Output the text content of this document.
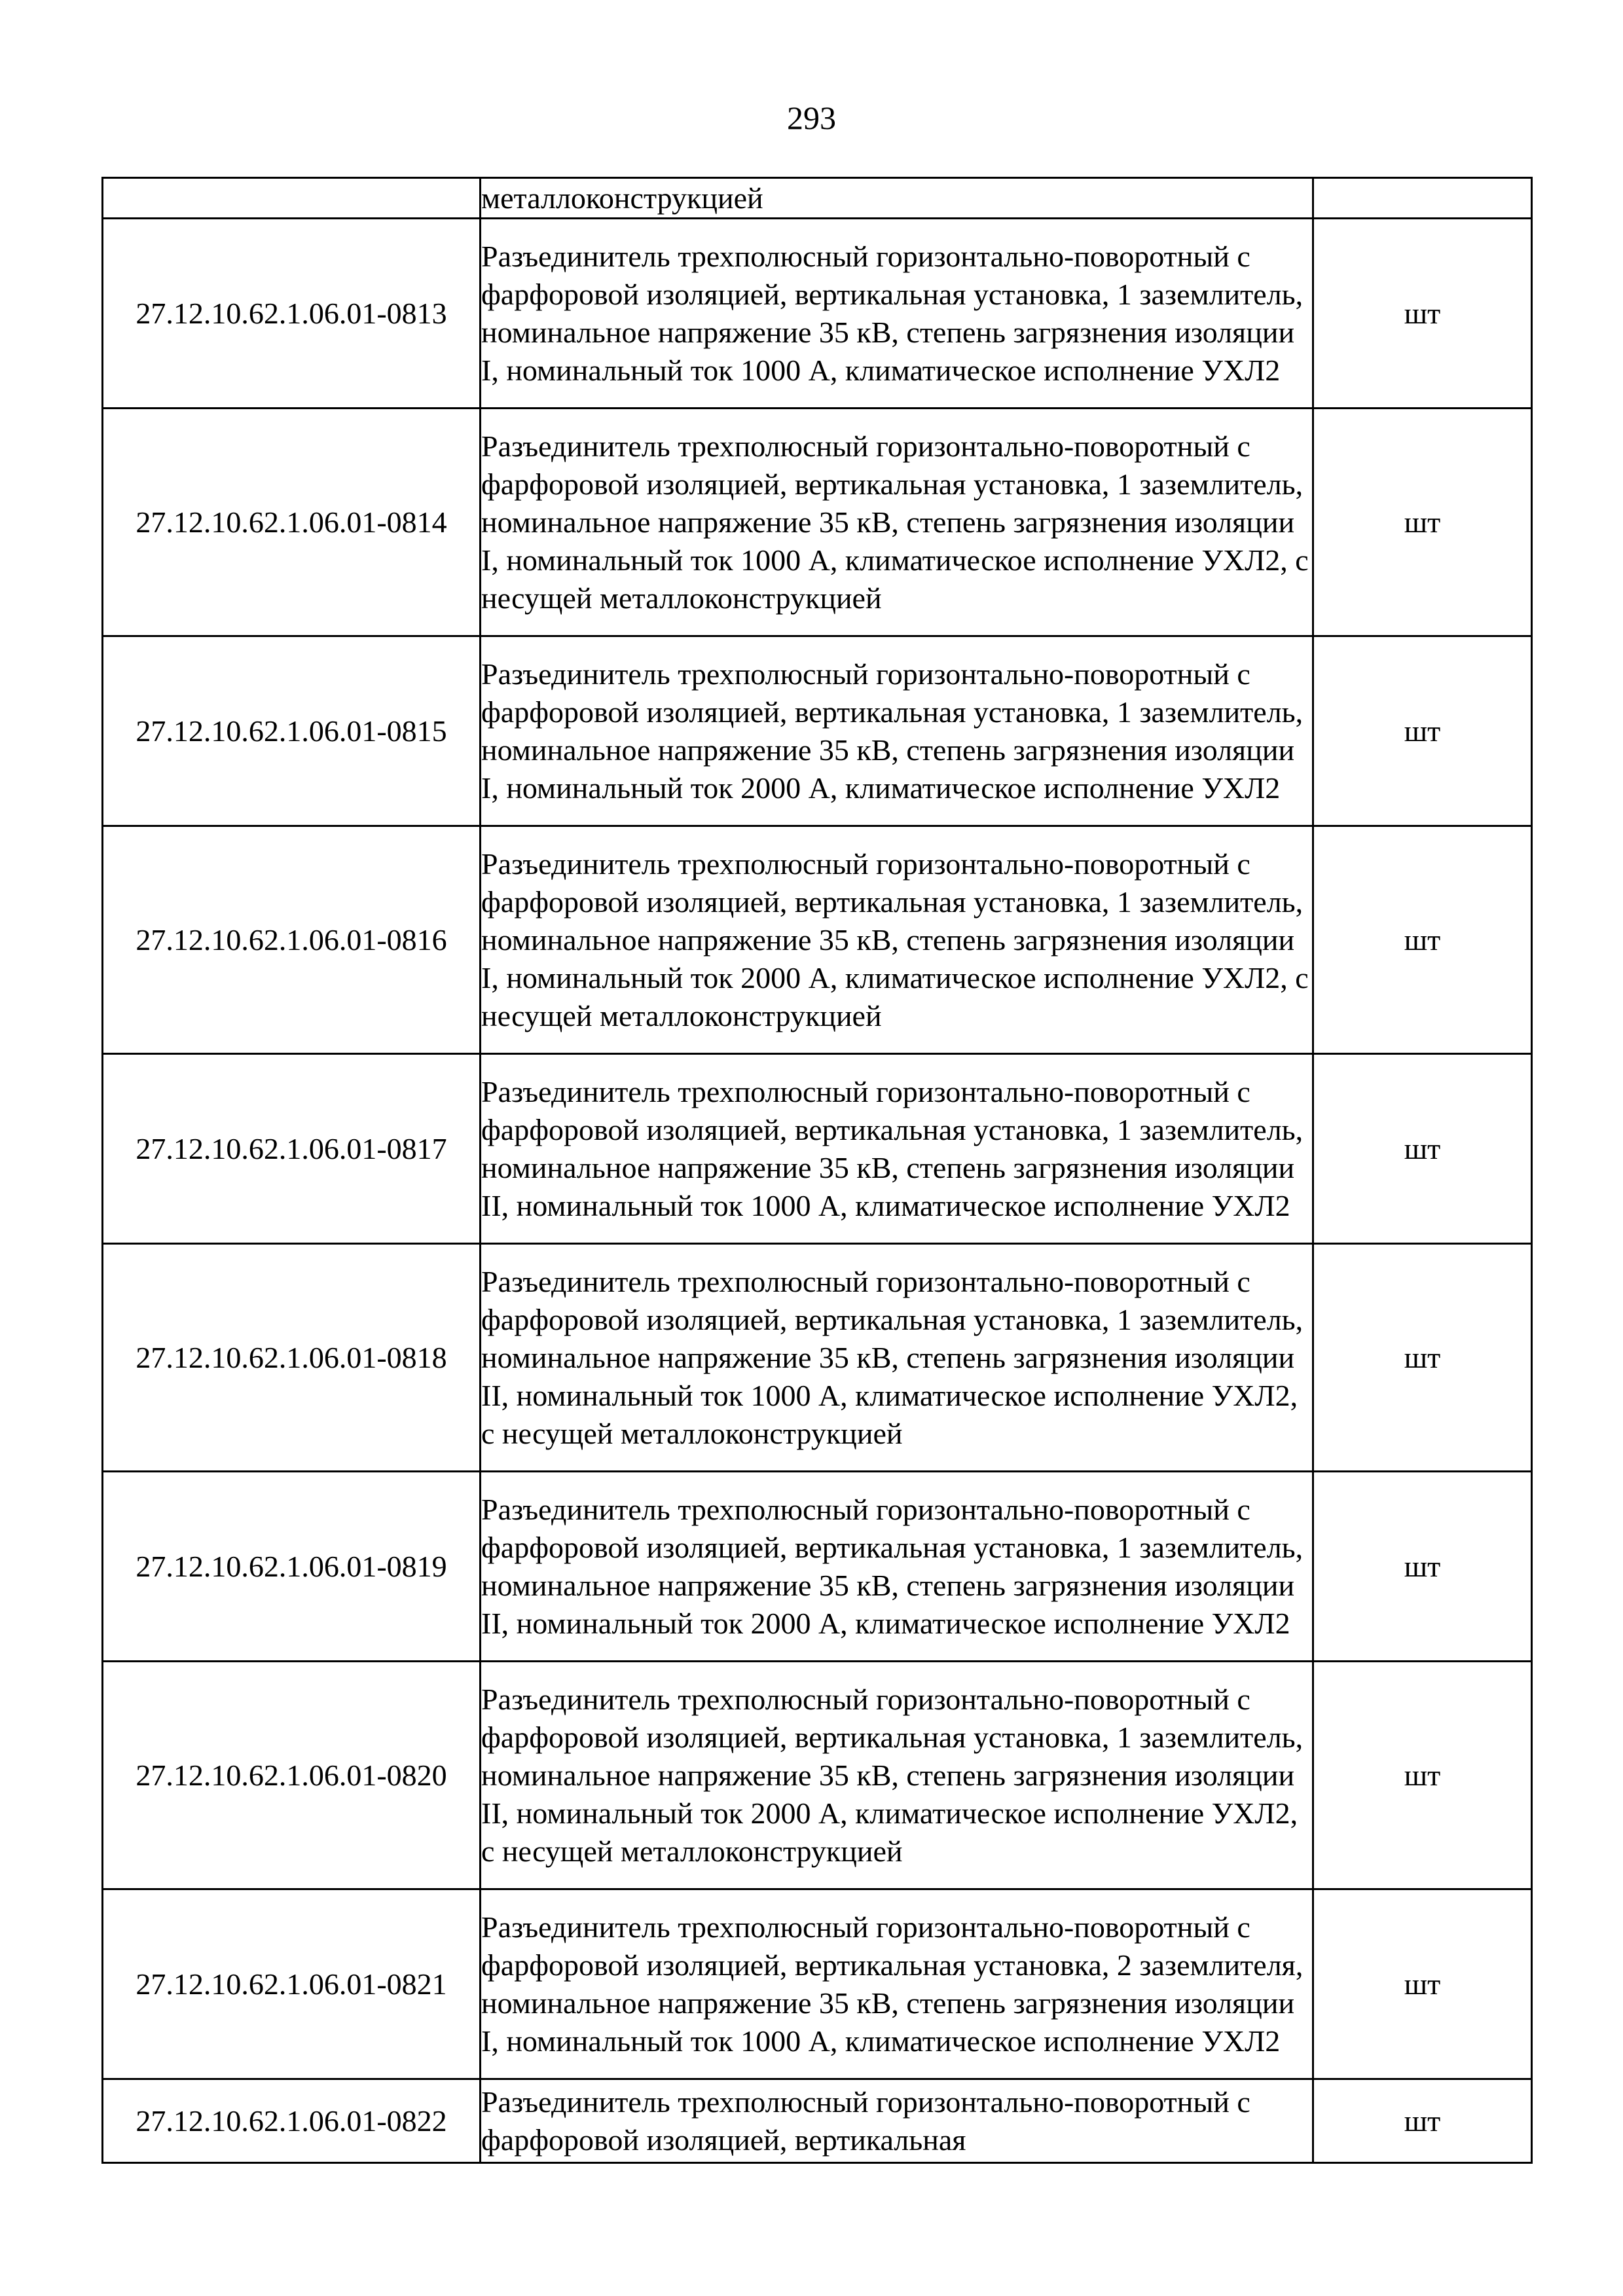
293
	металлоконструкцией	
27.12.10.62.1.06.01-0813	Разъединитель трехполюсный горизонтально-поворотный с фарфоровой изоляцией, вертикальная установка, 1 заземлитель, номинальное напряжение 35 кВ, степень загрязнения изоляции I, номинальный ток 1000 А, климатическое исполнение УХЛ2	шт
27.12.10.62.1.06.01-0814	Разъединитель трехполюсный горизонтально-поворотный с фарфоровой изоляцией, вертикальная установка, 1 заземлитель, номинальное напряжение 35 кВ, степень загрязнения изоляции I, номинальный ток 1000 А, климатическое исполнение УХЛ2, с несущей металлоконструкцией	шт
27.12.10.62.1.06.01-0815	Разъединитель трехполюсный горизонтально-поворотный с фарфоровой изоляцией, вертикальная установка, 1 заземлитель, номинальное напряжение 35 кВ, степень загрязнения изоляции I, номинальный ток 2000 А, климатическое исполнение УХЛ2	шт
27.12.10.62.1.06.01-0816	Разъединитель трехполюсный горизонтально-поворотный с фарфоровой изоляцией, вертикальная установка, 1 заземлитель, номинальное напряжение 35 кВ, степень загрязнения изоляции I, номинальный ток 2000 А, климатическое исполнение УХЛ2, с несущей металлоконструкцией	шт
27.12.10.62.1.06.01-0817	Разъединитель трехполюсный горизонтально-поворотный с фарфоровой изоляцией, вертикальная установка, 1 заземлитель, номинальное напряжение 35 кВ, степень загрязнения изоляции II, номинальный ток 1000 А, климатическое исполнение УХЛ2	шт
27.12.10.62.1.06.01-0818	Разъединитель трехполюсный горизонтально-поворотный с фарфоровой изоляцией, вертикальная установка, 1 заземлитель, номинальное напряжение 35 кВ, степень загрязнения изоляции II, номинальный ток 1000 А, климатическое исполнение УХЛ2, с несущей металлоконструкцией	шт
27.12.10.62.1.06.01-0819	Разъединитель трехполюсный горизонтально-поворотный с фарфоровой изоляцией, вертикальная установка, 1 заземлитель, номинальное напряжение 35 кВ, степень загрязнения изоляции II, номинальный ток 2000 А, климатическое исполнение УХЛ2	шт
27.12.10.62.1.06.01-0820	Разъединитель трехполюсный горизонтально-поворотный с фарфоровой изоляцией, вертикальная установка, 1 заземлитель, номинальное напряжение 35 кВ, степень загрязнения изоляции II, номинальный ток 2000 А, климатическое исполнение УХЛ2, с несущей металлоконструкцией	шт
27.12.10.62.1.06.01-0821	Разъединитель трехполюсный горизонтально-поворотный с фарфоровой изоляцией, вертикальная установка, 2 заземлителя, номинальное напряжение 35 кВ, степень загрязнения изоляции I, номинальный ток 1000 А, климатическое исполнение УХЛ2	шт
27.12.10.62.1.06.01-0822	Разъединитель трехполюсный горизонтально-поворотный с фарфоровой изоляцией, вертикальная	шт
